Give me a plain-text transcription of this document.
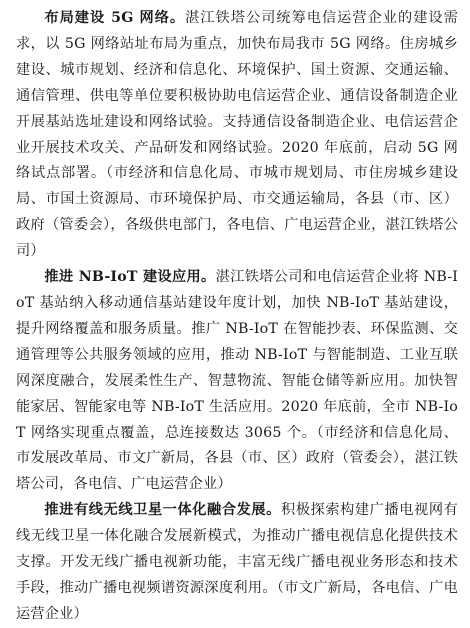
布局建设 5G 网络。湛江铁塔公司统筹电信运营企业的建设需求，以 5G 网络站址布局为重点，加快布局我市 5G 网络。住房城乡建设、城市规划、经济和信息化、环境保护、国土资源、交通运输、通信管理、供电等单位要积极协助电信运营企业、通信设备制造企业开展基站选址建设和网络试验。支持通信设备制造企业、电信运营企业开展技术攻关、产品研发和网络试验。2020 年底前，启动 5G 网络试点部署。（市经济和信息化局、市城市规划局、市住房城乡建设局、市国土资源局、市环境保护局、市交通运输局，各县（市、区）政府（管委会），各级供电部门，各电信、广电运营企业，湛江铁塔公司）

推进 NB-IoT 建设应用。湛江铁塔公司和电信运营企业将 NB-IoT 基站纳入移动通信基站建设年度计划，加快 NB-IoT 基站建设，提升网络覆盖和服务质量。推广 NB-IoT 在智能抄表、环保监测、交通管理等公共服务领域的应用，推动 NB-IoT 与智能制造、工业互联网深度融合，发展柔性生产、智慧物流、智能仓储等新应用。加快智能家居、智能家电等 NB-IoT 生活应用。2020 年底前，全市 NB-IoT 网络实现重点覆盖，总连接数达 3065 个。（市经济和信息化局、市发展改革局、市文广新局，各县（市、区）政府（管委会），湛江铁塔公司，各电信、广电运营企业）

推进有线无线卫星一体化融合发展。积极探索构建广播电视网有线无线卫星一体化融合发展新模式，为推动广播电视信息化提供技术支撑。开发无线广播电视新功能，丰富无线广播电视业务形态和技术手段，推动广播电视频谱资源深度利用。（市文广新局，各电信、广电运营企业）
